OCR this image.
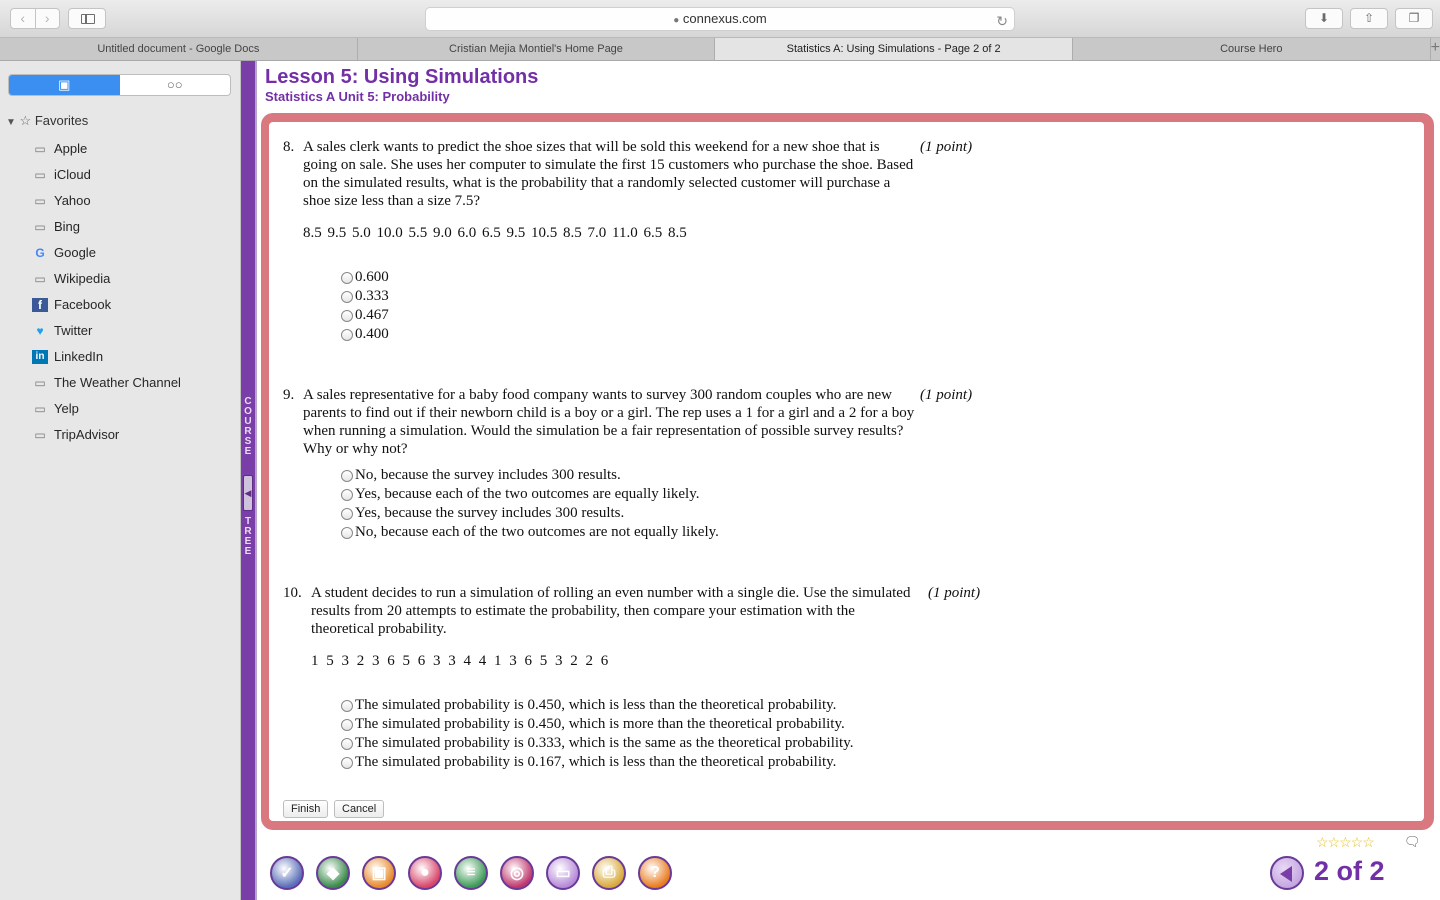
‹	›	● connexus.com	↻	⬇	⇧	❐
Untitled document - Google Docs	Cristian Mejia Montiel's Home Page	Statistics A: Using Simulations - Page 2 of 2	Course Hero	+
▣	○○
▼ ☆ Favorites
▭ Apple
▭ iCloud
▭ Yahoo
▭ Bing
G Google
▭ Wikipedia
f Facebook
♥ Twitter
in LinkedIn
▭ The Weather Channel
▭ Yelp
▭ TripAdvisor
C
O
U
R
S
E
◀
T
R
E
E
Lesson 5: Using Simulations
Statistics A Unit 5: Probability
8. A sales clerk wants to predict the shoe sizes that will be sold this weekend for a new shoe that is going on sale. She uses her computer to simulate the first 15 customers who purchase the shoe. Based on the simulated results, what is the probability that a randomly selected customer will purchase a shoe size less than a size 7.5?
(1 point)
8.5 9.5 5.0 10.0 5.5 9.0 6.0 6.5 9.5 10.5 8.5 7.0 11.0 6.5 8.5
0.600
0.333
0.467
0.400
9. A sales representative for a baby food company wants to survey 300 random couples who are new parents to find out if their newborn child is a boy or a girl. The rep uses a 1 for a girl and a 2 for a boy when running a simulation. Would the simulation be a fair representation of possible survey results? Why or why not?
(1 point)
No, because the survey includes 300 results.
Yes, because each of the two outcomes are equally likely.
Yes, because the survey includes 300 results.
No, because each of the two outcomes are not equally likely.
10. A student decides to run a simulation of rolling an even number with a single die. Use the simulated results from 20 attempts to estimate the probability, then compare your estimation with the theoretical probability.
(1 point)
1 5 3 2 3 6 5 6 3 3 4 4 1 3 6 5 3 2 2 6
The simulated probability is 0.450, which is less than the theoretical probability.
The simulated probability is 0.450, which is more than the theoretical probability.
The simulated probability is 0.333, which is the same as the theoretical probability.
The simulated probability is 0.167, which is less than the theoretical probability.
Finish	Cancel
☆☆☆☆☆ 🗨
✓	◆	▣	●	≡	◎	▭	⎙	?	2 of 2
